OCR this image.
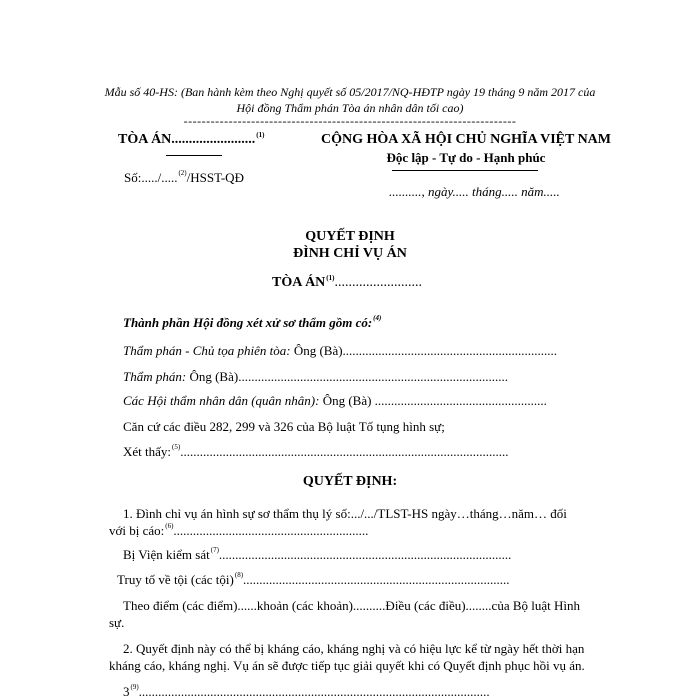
Mẫu số 40-HS: (Ban hành kèm theo Nghị quyết số 05/2017/NQ-HĐTP ngày 19 tháng 9 năm 2017 của
Hội đồng Thẩm phán Tòa án nhân dân tối cao)
--------------------------------------------------------------------------
TÒA ÁN........................$^{(1)}$
Số:...../.....$^{(2)}$/HSST-QĐ
CỘNG HÒA XÃ HỘI CHỦ NGHĨA VIỆT NAM
Độc lập - Tự do - Hạnh phúc
.........., ngày..... tháng..... năm.....
QUYẾT ĐỊNH
ĐÌNH CHỈ VỤ ÁN
TÒA ÁN$^{(1)}$.........................
Thành phần Hội đồng xét xử sơ thẩm gồm có:$^{(4)}$
Thẩm phán - Chủ tọa phiên tòa: Ông (Bà)..................................................................
Thẩm phán: Ông (Bà)...................................................................................
Các Hội thẩm nhân dân (quân nhân): Ông (Bà) .....................................................
Căn cứ các điều 282, 299 và 326 của Bộ luật Tố tụng hình sự;
Xét thấy:$^{(5)}$.....................................................................................................
QUYẾT ĐỊNH:
1. Đình chỉ vụ án hình sự sơ thẩm thụ lý số:.../.../TLST-HS ngày…tháng…năm… đối
với bị cáo:$^{(6)}$............................................................
Bị Viện kiểm sát$^{(7)}$..........................................................................................
Truy tố về tội (các tội)$^{(8)}$..................................................................................
Theo điểm (các điểm)......khoản (các khoản)..........Điều (các điều)........của Bộ luật Hình
sự.
2. Quyết định này có thể bị kháng cáo, kháng nghị và có hiệu lực kể từ ngày hết thời hạn
kháng cáo, kháng nghị. Vụ án sẽ được tiếp tục giải quyết khi có Quyết định phục hồi vụ án.
3$^{(9)}$............................................................................................................
